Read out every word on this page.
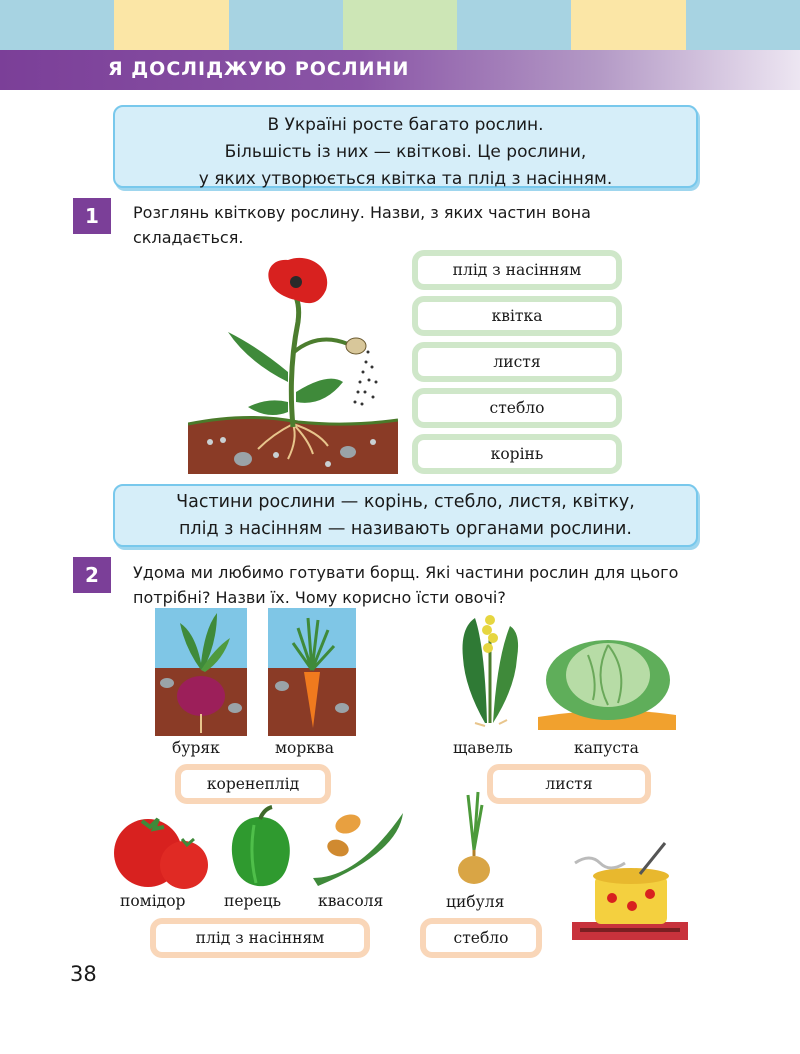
Я ДОСЛІДЖУЮ РОСЛИНИ
В Україні росте багато рослин.
Більшість із них — квіткові. Це рослини,
у яких утворюється квітка та плід з насінням.
1	Розглянь квіткову рослину. Назви, з яких частин вона складається.
плід з насінням
квітка
листя
стебло
корінь
Частини рослини — корінь, стебло, листя, квітку,
плід з насінням — називають органами рослини.
2	Удома ми любимо готувати борщ. Які частини рослин для цього потрібні? Назви їх. Чому корисно їсти овочі?
буряк	морква	щавель	капуста
помідор перець квасоля	цибуля
коренеплід	листя
плід з насінням	стебло
38
